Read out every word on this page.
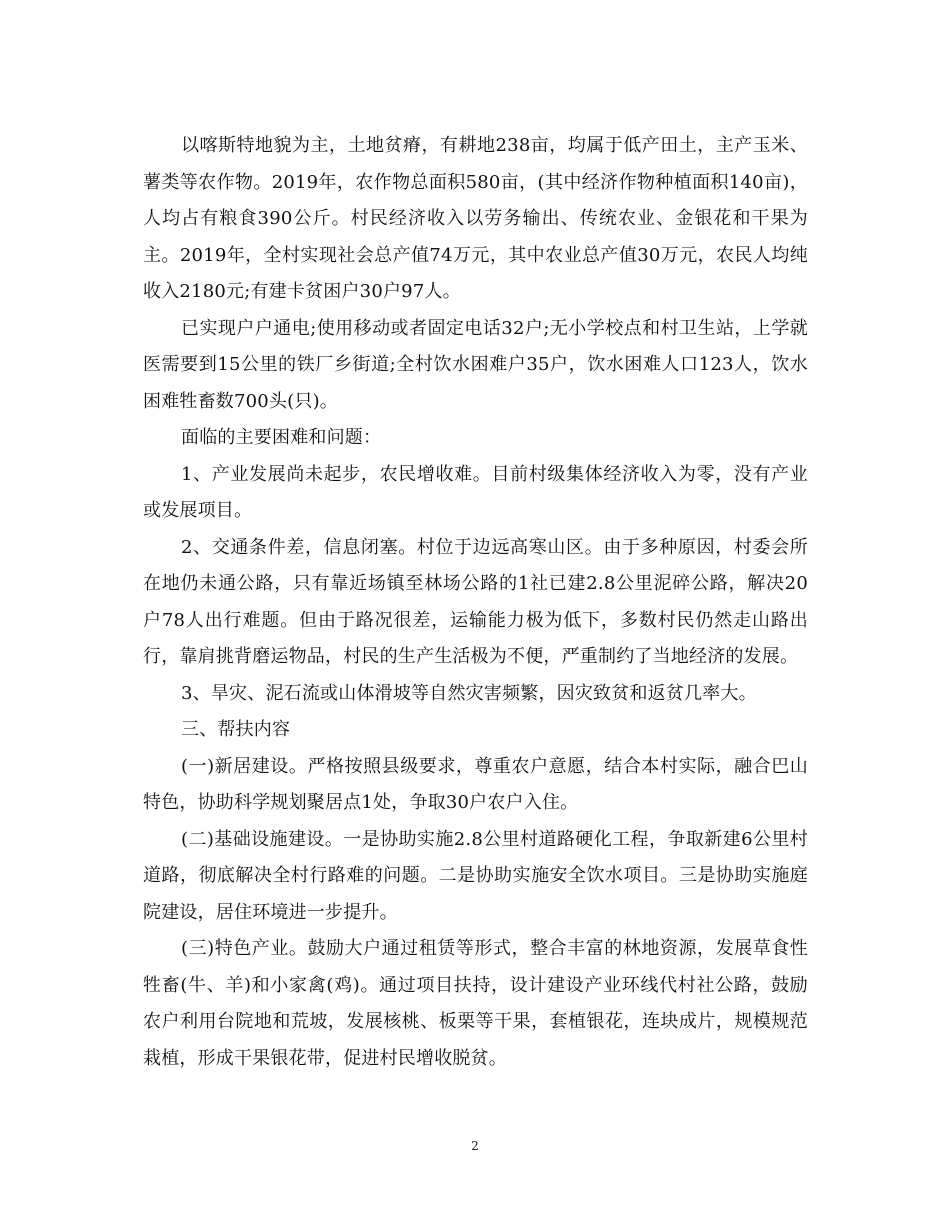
以喀斯特地貌为主，土地贫瘠，有耕地238亩，均属于低产田土，主产玉米、薯类等农作物。2019年，农作物总面积580亩，(其中经济作物种植面积140亩)，人均占有粮食390公斤。村民经济收入以劳务输出、传统农业、金银花和干果为主。2019年，全村实现社会总产值74万元，其中农业总产值30万元，农民人均纯收入2180元;有建卡贫困户30户97人。

已实现户户通电;使用移动或者固定电话32户;无小学校点和村卫生站，上学就医需要到15公里的铁厂乡街道;全村饮水困难户35户，饮水困难人口123人，饮水困难牲畜数700头(只)。

面临的主要困难和问题：

1、产业发展尚未起步，农民增收难。目前村级集体经济收入为零，没有产业或发展项目。

2、交通条件差，信息闭塞。村位于边远高寒山区。由于多种原因，村委会所在地仍未通公路，只有靠近场镇至林场公路的1社已建2.8公里泥碎公路，解决20 户78人出行难题。但由于路况很差，运输能力极为低下，多数村民仍然走山路出行，靠肩挑背磨运物品，村民的生产生活极为不便，严重制约了当地经济的发展。

3、旱灾、泥石流或山体滑坡等自然灾害频繁，因灾致贫和返贫几率大。

三、帮扶内容

(一)新居建设。严格按照县级要求，尊重农户意愿，结合本村实际，融合巴山特色，协助科学规划聚居点1处，争取30户农户入住。

(二)基础设施建设。一是协助实施2.8公里村道路硬化工程，争取新建6公里村道路，彻底解决全村行路难的问题。二是协助实施安全饮水项目。三是协助实施庭院建设，居住环境进一步提升。

(三)特色产业。鼓励大户通过租赁等形式，整合丰富的林地资源，发展草食性牲畜(牛、羊)和小家禽(鸡)。通过项目扶持，设计建设产业环线代村社公路，鼓励农户利用台院地和荒坡，发展核桃、板栗等干果，套植银花，连块成片，规模规范栽植，形成干果银花带，促进村民增收脱贫。

2
